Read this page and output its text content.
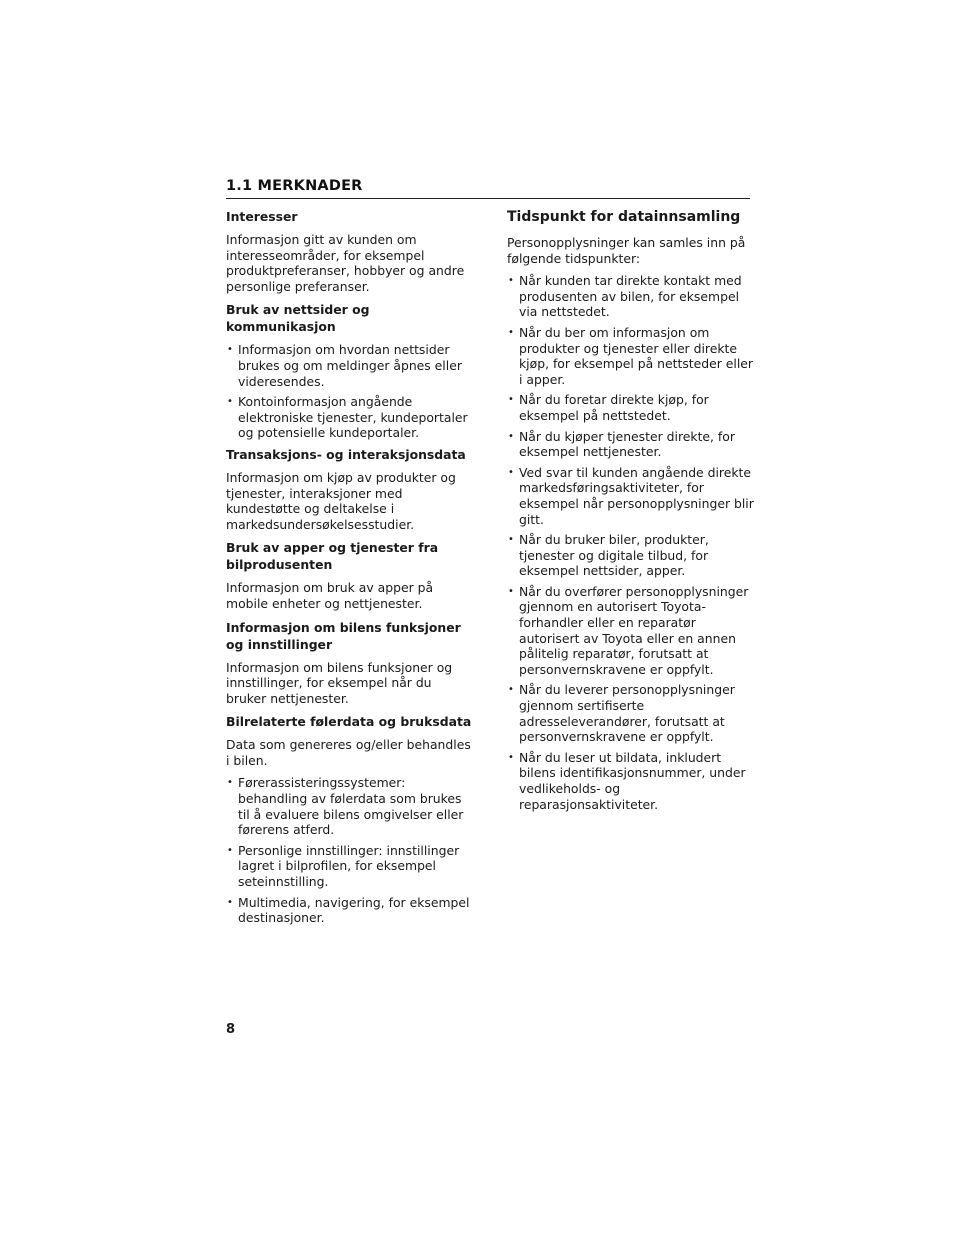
1.1 MERKNADER
Interesser
Informasjon gitt av kunden om interesseområder, for eksempel produktpreferanser, hobbyer og andre personlige preferanser.
Bruk av nettsider og kommunikasjon
• Informasjon om hvordan nettsider brukes og om meldinger åpnes eller videresendes.
• Kontoinformasjon angående elektroniske tjenester, kundeportaler og potensielle kundeportaler.
Transaksjons- og interaksjonsdata
Informasjon om kjøp av produkter og tjenester, interaksjoner med kundestøtte og deltakelse i markedsundersøkelsesstudier.
Bruk av apper og tjenester fra bilprodusenten
Informasjon om bruk av apper på mobile enheter og nettjenester.
Informasjon om bilens funksjoner og innstillinger
Informasjon om bilens funksjoner og innstillinger, for eksempel når du bruker nettjenester.
Bilrelaterte følerdata og bruksdata
Data som genereres og/eller behandles i bilen.
• Førerassisteringssystemer: behandling av følerdata som brukes til å evaluere bilens omgivelser eller førerens atferd.
• Personlige innstillinger: innstillinger lagret i bilprofilen, for eksempel seteinnstilling.
• Multimedia, navigering, for eksempel destinasjoner.
Tidspunkt for datainnsamling
Personopplysninger kan samles inn på følgende tidspunkter:
• Når kunden tar direkte kontakt med produsenten av bilen, for eksempel via nettstedet.
• Når du ber om informasjon om produkter og tjenester eller direkte kjøp, for eksempel på nettsteder eller i apper.
• Når du foretar direkte kjøp, for eksempel på nettstedet.
• Når du kjøper tjenester direkte, for eksempel nettjenester.
• Ved svar til kunden angående direkte markedsføringsaktiviteter, for eksempel når personopplysninger blir gitt.
• Når du bruker biler, produkter, tjenester og digitale tilbud, for eksempel nettsider, apper.
• Når du overfører personopplysninger gjennom en autorisert Toyota-forhandler eller en reparatør autorisert av Toyota eller en annen pålitelig reparatør, forutsatt at personvernskravene er oppfylt.
• Når du leverer personopplysninger gjennom sertifiserte adresseleverandører, forutsatt at personvernskravene er oppfylt.
• Når du leser ut bildata, inkludert bilens identifikasjonsnummer, under vedlikeholds- og reparasjonsaktiviteter.
8
